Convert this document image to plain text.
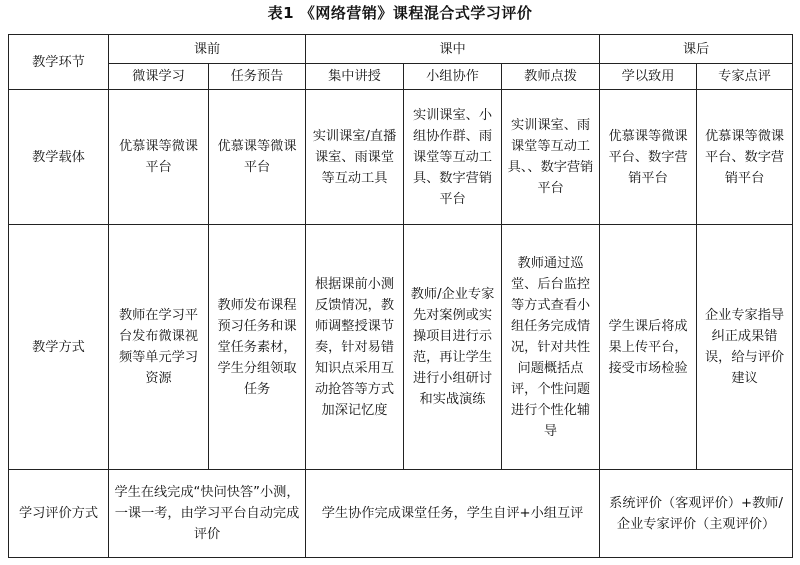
表1 《网络营销》课程混合式学习评价
教学环节	课前		课中			课后	
	微课学习	任务预告	集中讲授	小组协作	教师点拨	学以致用	专家点评
教学载体	优慕课等微课平台	优慕课等微课平台	实训课室/直播课室、雨课堂等互动工具	实训课室、小组协作群、雨课堂等互动工具、数字营销平台	实训课室、雨课堂等互动工具、、数字营销平台	优慕课等微课平台、数字营销平台	优慕课等微课平台、数字营销平台
教学方式	教师在学习平台发布微课视频等单元学习资源	教师发布课程预习任务和课堂任务素材，学生分组领取任务	根据课前小测反馈情况，教师调整授课节奏，针对易错知识点采用互动抢答等方式加深记忆度	教师/企业专家先对案例或实操项目进行示范，再让学生进行小组研讨和实战演练	教师通过巡堂、后台监控等方式查看小组任务完成情况，针对共性问题概括点评，个性问题进行个性化辅导	学生课后将成果上传平台，接受市场检验	企业专家指导纠正成果错误，给与评价建议
学习评价方式	学生在线完成“快问快答”小测，一课一考，由学习平台自动完成评价		学生协作完成课堂任务，学生自评+小组互评			系统评价（客观评价）+教师/企业专家评价（主观评价）	
